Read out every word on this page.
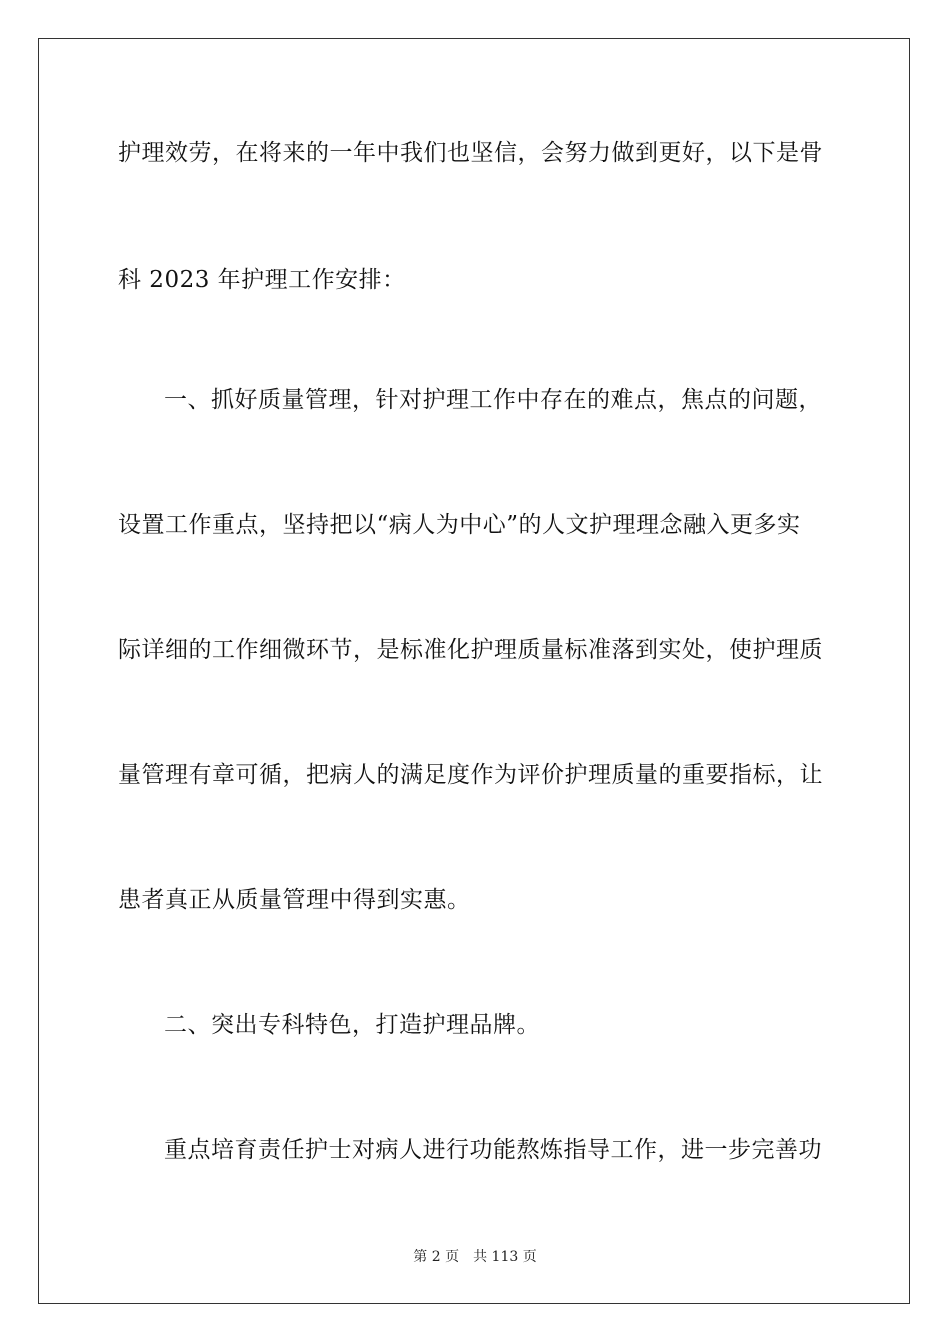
护理效劳，在将来的一年中我们也坚信，会努力做到更好，以下是骨
科 2023 年护理工作安排：
一、抓好质量管理，针对护理工作中存在的难点，焦点的问题，
设置工作重点，坚持把以“病人为中心”的人文护理理念融入更多实
际详细的工作细微环节，是标准化护理质量标准落到实处，使护理质
量管理有章可循，把病人的满足度作为评价护理质量的重要指标，让
患者真正从质量管理中得到实惠。
二、突出专科特色，打造护理品牌。
重点培育责任护士对病人进行功能熬炼指导工作，进一步完善功
第 2 页　共 113 页
